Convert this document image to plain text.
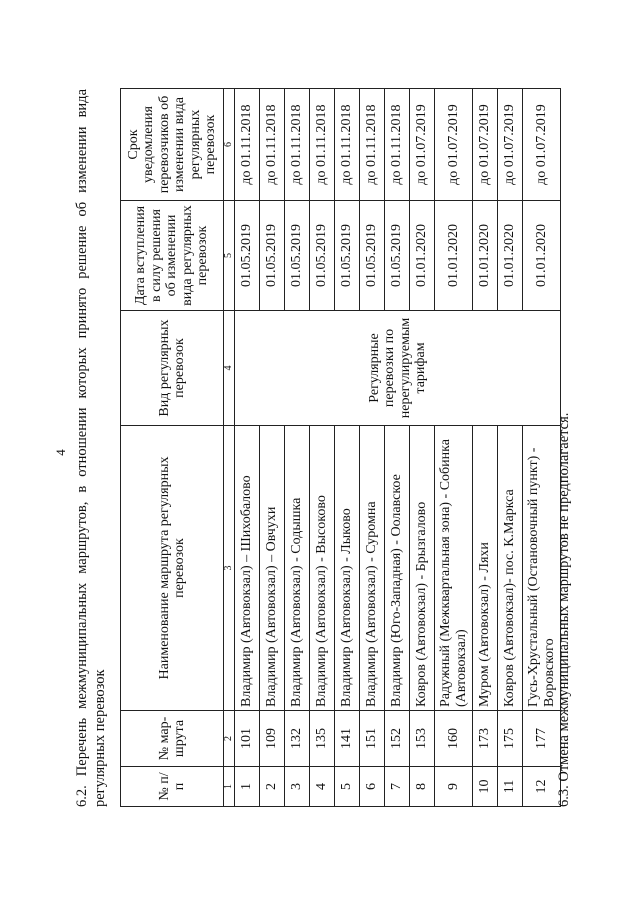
4 6.2. Перечень межмуниципальных маршрутов, в отношении которых принято решение об изменении вида регулярных перевозок	№ п/п	№ мар-шрута	Наименование маршрута регулярных перевозок	Вид регулярных перевозок	Дата вступления в силу решения об изменении вида регулярных перевозок	Срок уведомления перевозчиков об изменении вида регулярных перевозок
1	2	3	4	5	6
1	101	Владимир (Автовокзал) – Шихобалово	Регулярные перевозки по нерегулируемым тарифам	01.05.2019	до 01.11.2018
2	109	Владимир (Автовокзал) – Овчухи		01.05.2019	до 01.11.2018
3	132	Владимир (Автовокзал) - Содышка		01.05.2019	до 01.11.2018
4	135	Владимир (Автовокзал) - Высоково		01.05.2019	до 01.11.2018
5	141	Владимир (Автовокзал) - Лыково		01.05.2019	до 01.11.2018
6	151	Владимир (Автовокзал) - Суромна		01.05.2019	до 01.11.2018
7	152	Владимир (Юго-Западная) - Оолавское		01.05.2019	до 01.11.2018
8	153	Ковров (Автовокзал) - Брызгалово		01.01.2020	до 01.07.2019
9	160	Радужный (Межквартальная зона) - Собинка (Автовокзал)		01.01.2020	до 01.07.2019
10	173	Муром (Автовокзал) - Ляхи		01.01.2020	до 01.07.2019
11	175	Ковров (Автовокзал)- пос. К.Маркса		01.01.2020	до 01.07.2019
12	177	Гусь-Хрустальный (Остановочный пункт) - Воровского		01.01.2020	до 01.07.2019
6.3. Отмена межмуниципальных маршрутов не предполагается.
